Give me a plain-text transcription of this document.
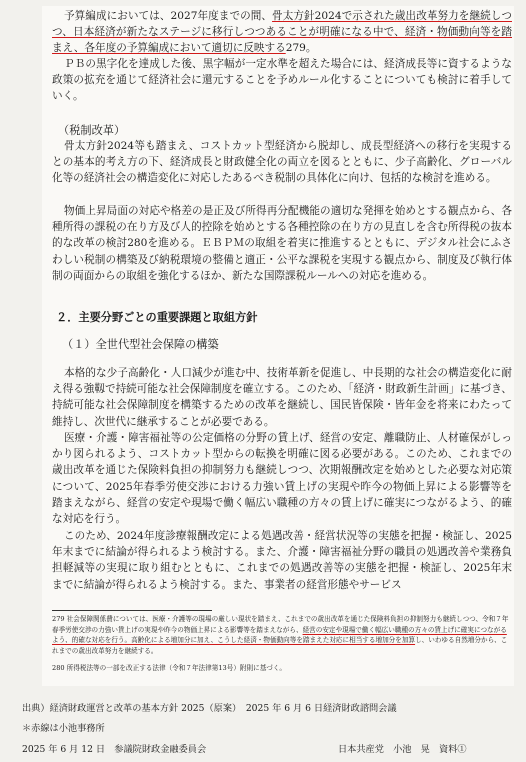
予算編成においては、2027年度までの間、骨太方針2024で示された歳出改革努力を継続しつつ、日本経済が新たなステージに移行しつつあることが明確になる中で、経済・物価動向等を踏まえ、各年度の予算編成において適切に反映する279。

ＰＢの黒字化を達成した後、黒字幅が一定水準を超えた場合には、経済成長等に資するような政策の拡充を通じて経済社会に還元することを予めルール化することについても検討に着手していく。

（税制改革）

骨太方針2024等も踏まえ、コストカット型経済から脱却し、成長型経済への移行を実現するとの基本的考え方の下、経済成長と財政健全化の両立を図るとともに、少子高齢化、グローバル化等の経済社会の構造変化に対応したあるべき税制の具体化に向け、包括的な検討を進める。

物価上昇局面の対応や格差の是正及び所得再分配機能の適切な発揮を始めとする観点から、各種所得の課税の在り方及び人的控除を始めとする各種控除の在り方の見直しを含む所得税の抜本的な改革の検討280を進める。ＥＢＰＭの取組を着実に推進するとともに、デジタル社会にふさわしい税制の構築及び納税環境の整備と適正・公平な課税を実現する観点から、制度及び執行体制の両面からの取組を強化するほか、新たな国際課税ルールへの対応を進める。

２．主要分野ごとの重要課題と取組方針

（１）全世代型社会保障の構築

本格的な少子高齢化・人口減少が進む中、技術革新を促進し、中長期的な社会の構造変化に耐え得る強靱で持続可能な社会保障制度を確立する。このため、「経済・財政新生計画」に基づき、持続可能な社会保障制度を構築するための改革を継続し、国民皆保険・皆年金を将来にわたって維持し、次世代に継承することが必要である。

医療・介護・障害福祉等の公定価格の分野の賃上げ、経営の安定、離職防止、人材確保がしっかり図られるよう、コストカット型からの転換を明確に図る必要がある。このため、これまでの歳出改革を通じた保険料負担の抑制努力も継続しつつ、次期報酬改定を始めとした必要な対応策について、2025年春季労使交渉における力強い賃上げの実現や昨今の物価上昇による影響等を踏まえながら、経営の安定や現場で働く幅広い職種の方々の賃上げに確実につながるよう、的確な対応を行う。

このため、2024年度診療報酬改定による処遇改善・経営状況等の実態を把握・検証し、2025年末までに結論が得られるよう検討する。また、介護・障害福祉分野の職員の処遇改善や業務負担軽減等の実現に取り組むとともに、これまでの処遇改善等の実態を把握・検証し、2025年末までに結論が得られるよう検討する。また、事業者の経営形態やサービス

279 社会保障関係費については、医療・介護等の現場の厳しい現状を踏まえ、これまでの歳出改革を通じた保険料負担の抑制努力も継続しつつ、令和７年春季労使交渉の力強い賃上げの実現や昨今の物価上昇による影響等を踏まえながら、経営の安定や現場で働く幅広い職種の方々の賃上げに確実につながるよう、的確な対応を行う。高齢化による増加分に加え、こうした経済・物価動向等を踏まえた対応に相当する増加分を加算し、いわゆる自然増分から、これまでの歳出改革努力を継続する。

280 所得税法等の一部を改正する法律（令和７年法律第13号）附則に基づく。

出典）経済財政運営と改革の基本方針 2025（原案）　2025 年 6 月 6 日経済財政諮問会議

＊赤線は小池事務所

2025 年 6 月 12 日　参議院財政金融委員会	日本共産党　小池　晃　資料①
